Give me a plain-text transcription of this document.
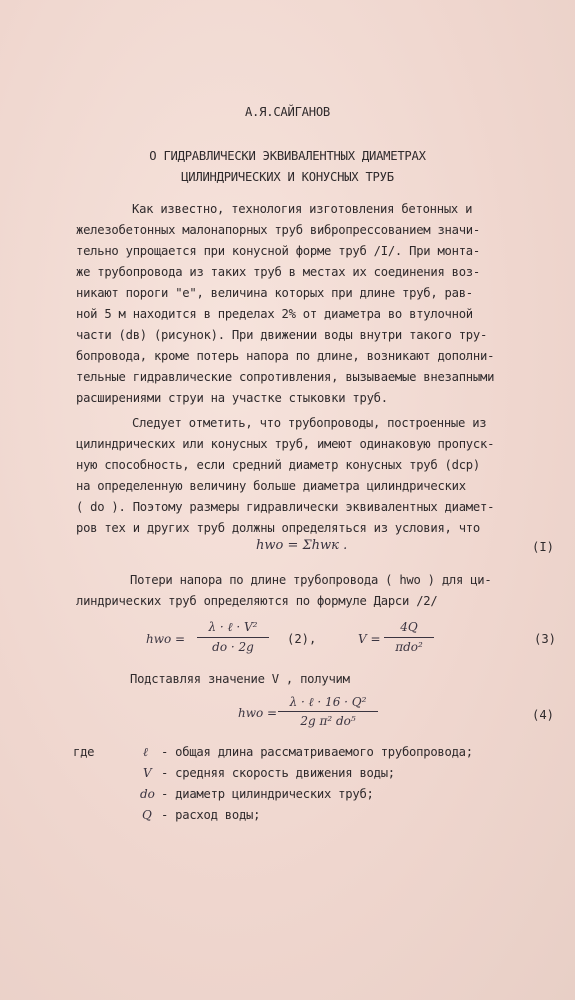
А.Я.САЙГАНОВ
О ГИДРАВЛИЧЕСКИ ЭКВИВАЛЕНТНЫХ ДИАМЕТРАХ
ЦИЛИНДРИЧЕСКИХ И КОНУСНЫХ ТРУБ
Как известно, технология изготовления бетонных и
железобетонных малонапорных труб вибропрессованием значи-
тельно упрощается при конусной форме труб /I/. При монта-
же трубопровода из таких труб в местах их соединения воз-
никают пороги "e", величина которых при длине труб, рав-
ной 5 м находится в пределах 2% от диаметра во втулочной
части (dв) (рисунок). При движении воды внутри такого тру-
бопровода, кроме потерь напора по длине, возникают дополни-
тельные гидравлические сопротивления, вызываемые внезапными
расширениями струи на участке стыковки труб.
Следует отметить, что трубопроводы, построенные из
цилиндрических или конусных труб, имеют одинаковую пропуск-
ную способность, если средний диаметр конусных труб (dср)
на определенную величину больше диаметра цилиндрических
( dо ). Поэтому размеры гидравлически эквивалентных диамет-
ров тех и других труб должны определяться из условия, что
hwо = Σhwк .	(I)
Потери напора по длине трубопровода ( hwо ) для ци-
линдрических труб определяются по формуле Дарси /2/
hwо =
λ · ℓ · V²
dо · 2g
(2),	V =
4Q
πdо²
(3)
Подставляя значение V , получим
hwо =
λ · ℓ · 16 · Q²
2g π² dо⁵	(4)
где	ℓ - общая длина рассматриваемого трубопровода;
V - средняя скорость движения воды;
dо - диаметр цилиндрических труб;
Q - расход воды;
